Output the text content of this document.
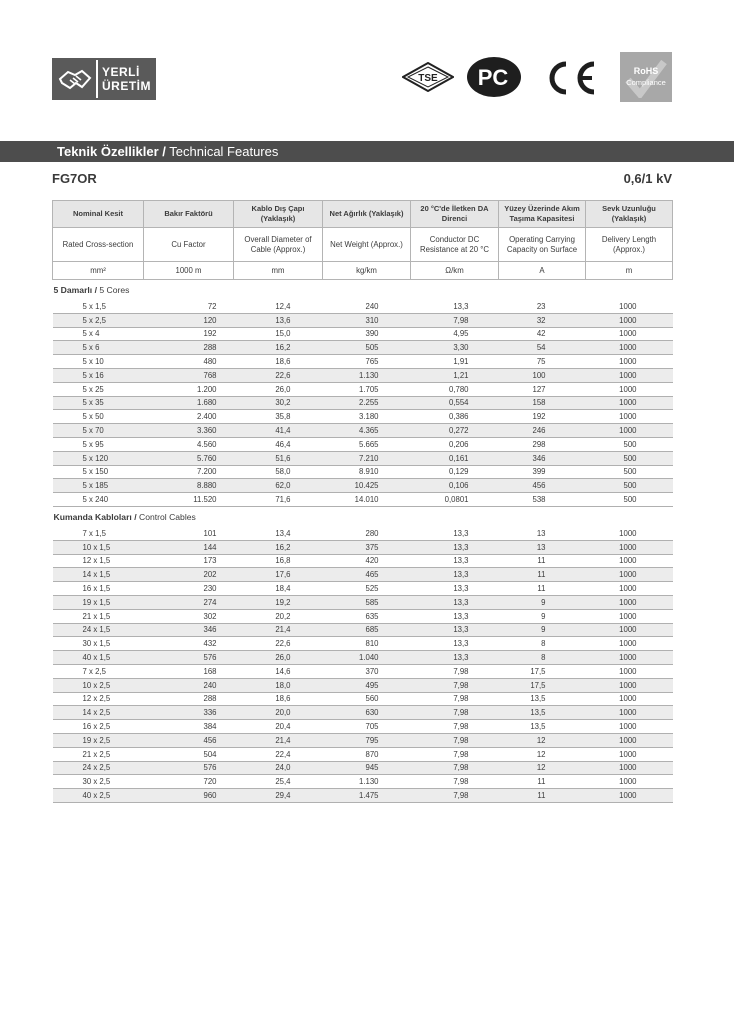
YERLİ
ÜRETİM
TSE PC	RoHS
Compliance
Teknik Özellikler / Technical Features
FG7OR	0,6/1 kV
Nominal Kesit	Bakır Faktörü	Kablo Dış Çapı (Yaklaşık)	Net Ağırlık (Yaklaşık)	20 °C'de İletken DA Direnci	Yüzey Üzerinde Akım Taşıma Kapasitesi	Sevk Uzunluğu (Yaklaşık)
Rated Cross-section	Cu Factor	Overall Diameter of Cable (Approx.)	Net Weight (Approx.)	Conductor DC Resistance at 20 °C	Operating Carrying Capacity on Surface	Delivery Length (Approx.)
mm²	1000 m	mm	kg/km	Ω/km	A	m
5 Damarlı / 5 Cores						
5 x 1,5	72	12,4	240	13,3	23	1000
5 x 2,5	120	13,6	310	7,98	32	1000
5 x 4	192	15,0	390	4,95	42	1000
5 x 6	288	16,2	505	3,30	54	1000
5 x 10	480	18,6	765	1,91	75	1000
5 x 16	768	22,6	1.130	1,21	100	1000
5 x 25	1.200	26,0	1.705	0,780	127	1000
5 x 35	1.680	30,2	2.255	0,554	158	1000
5 x 50	2.400	35,8	3.180	0,386	192	1000
5 x 70	3.360	41,4	4.365	0,272	246	1000
5 x 95	4.560	46,4	5.665	0,206	298	500
5 x 120	5.760	51,6	7.210	0,161	346	500
5 x 150	7.200	58,0	8.910	0,129	399	500
5 x 185	8.880	62,0	10.425	0,106	456	500
5 x 240	11.520	71,6	14.010	0,0801	538	500
Kumanda Kabloları / Control Cables						
7 x 1,5	101	13,4	280	13,3	13	1000
10 x 1,5	144	16,2	375	13,3	13	1000
12 x 1,5	173	16,8	420	13,3	11	1000
14 x 1,5	202	17,6	465	13,3	11	1000
16 x 1,5	230	18,4	525	13,3	11	1000
19 x 1,5	274	19,2	585	13,3	9	1000
21 x 1,5	302	20,2	635	13,3	9	1000
24 x 1,5	346	21,4	685	13,3	9	1000
30 x 1,5	432	22,6	810	13,3	8	1000
40 x 1,5	576	26,0	1.040	13,3	8	1000
7 x 2,5	168	14,6	370	7,98	17,5	1000
10 x 2,5	240	18,0	495	7,98	17,5	1000
12 x 2,5	288	18,6	560	7,98	13,5	1000
14 x 2,5	336	20,0	630	7,98	13,5	1000
16 x 2,5	384	20,4	705	7,98	13,5	1000
19 x 2,5	456	21,4	795	7,98	12	1000
21 x 2,5	504	22,4	870	7,98	12	1000
24 x 2,5	576	24,0	945	7,98	12	1000
30 x 2,5	720	25,4	1.130	7,98	11	1000
40 x 2,5	960	29,4	1.475	7,98	11	1000
